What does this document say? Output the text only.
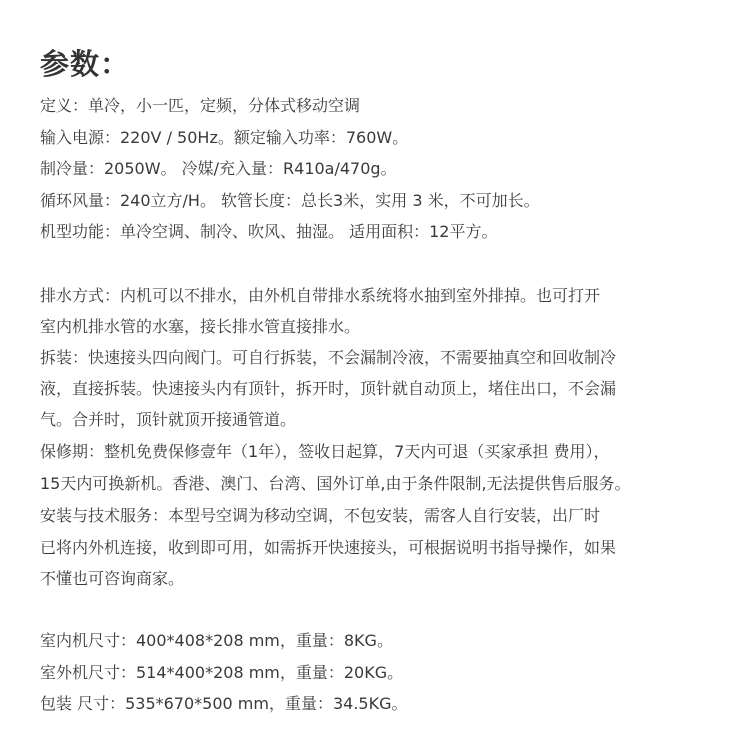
参数：
定义：单冷，小一匹，定频，分体式移动空调
输入电源：220V / 50Hz。额定输入功率：760W。
制冷量：2050W。 冷媒/充入量：R410a/470g。
循环风量：240立方/H。 软管长度：总长3米，实用 3 米，不可加长。
机型功能：单冷空调、制冷、吹风、抽湿。 适用面积：12平方。
排水方式：内机可以不排水，由外机自带排水系统将水抽到室外排掉。也可打开
室内机排水管的水塞，接长排水管直接排水。
拆装：快速接头四向阀门。可自行拆装，不会漏制冷液，不需要抽真空和回收制冷
液，直接拆装。快速接头内有顶针，拆开时，顶针就自动顶上，堵住出口，不会漏
气。合并时，顶针就顶开接通管道。
保修期：整机免费保修壹年（1年），签收日起算，7天内可退（买家承担 费用），
15天内可换新机。香港、澳门、台湾、国外订单,由于条件限制,无法提供售后服务。
安装与技术服务：本型号空调为移动空调，不包安装，需客人自行安装，出厂时
已将内外机连接，收到即可用，如需拆开快速接头，可根据说明书指导操作，如果
不懂也可咨询商家。
室内机尺寸：400*408*208 mm，重量：8KG。
室外机尺寸：514*400*208 mm，重量：20KG。
包装 尺寸：535*670*500 mm，重量：34.5KG。
